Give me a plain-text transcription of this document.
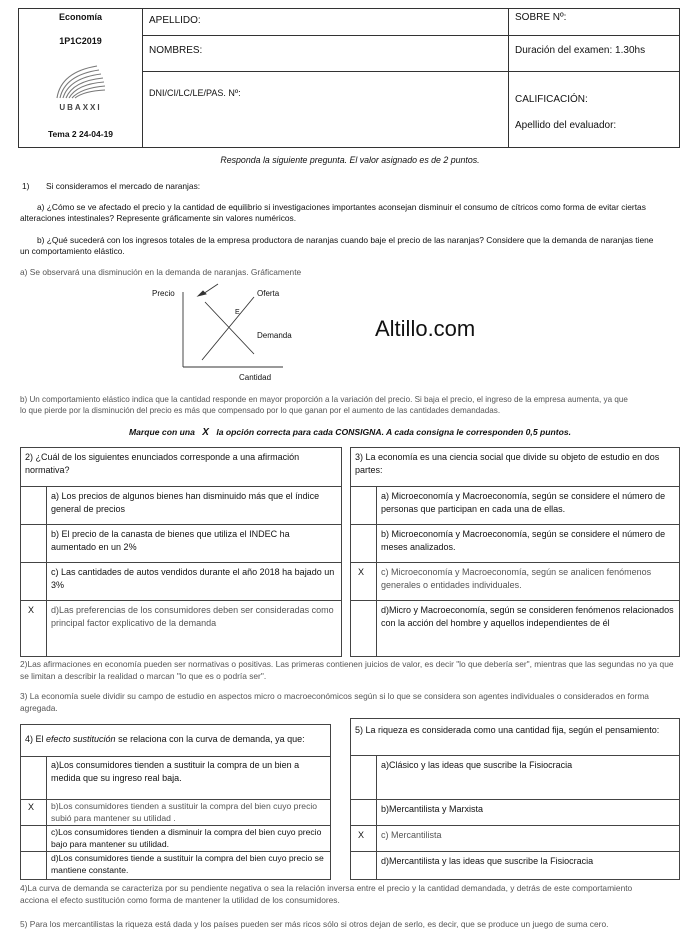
Economía
1P1C2019
UBAXXI
Tema 2 24-04-19
APELLIDO:
NOMBRES:
DNI/CI/LC/LE/PAS. Nº:
SOBRE Nº:
Duración del examen: 1.30hs
CALIFICACIÓN:
Apellido del evaluador:
Responda la siguiente pregunta. El valor asignado es de 2 puntos.
1) Si consideramos el mercado de naranjas:
a) ¿Cómo se ve afectado el precio y la cantidad de equilibrio si investigaciones importantes aconsejan disminuir el consumo de cítricos como forma de evitar ciertas
alteraciones intestinales? Represente gráficamente sin valores numéricos.
b) ¿Qué sucederá con los ingresos totales de la empresa productora de naranjas cuando baje el precio de las naranjas? Considere que la demanda de naranjas tiene
un comportamiento elástico.
a) Se observará una disminución en la demanda de naranjas. Gráficamente
Precio	Oferta
E
Demanda
Cantidad
Altillo.com
b) Un comportamiento elástico indica que la cantidad responde en mayor proporción a la variación del precio. Si baja el precio, el ingreso de la empresa aumenta, ya que
lo que pierde por la disminución del precio es más que compensado por lo que ganan por el aumento de las cantidades demandadas.
Marque con una X la opción correcta para cada CONSIGNA. A cada consigna le corresponden 0,5 puntos.
2) ¿Cuál de los siguientes enunciados corresponde a una afirmación normativa?
a) Los precios de algunos bienes han disminuido más que el índice general de precios
b) El precio de la canasta de bienes que utiliza el INDEC ha aumentado en un 2%
c) Las cantidades de autos vendidos durante el año 2018 ha bajado un 3%
X d)Las preferencias de los consumidores deben ser consideradas como principal factor explicativo de la demanda
3) La economía es una ciencia social que divide su objeto de estudio en dos partes:
a) Microeconomía y Macroeconomía, según se considere el número de personas que participan en cada una de ellas.
b) Microeconomía y Macroeconomía, según se considere el número de meses analizados.
X c) Microeconomía y Macroeconomía, según se analicen fenómenos generales o entidades individuales.
d)Micro y Macroeconomía, según se consideren fenómenos relacionados con la acción del hombre y aquellos independientes de él
2)Las afirmaciones en economía pueden ser normativas o positivas. Las primeras contienen juicios de valor, es decir "lo que debería ser", mientras que las segundas no ya que se limitan a describir la realidad o marcan "lo que es o podría ser".
3) La economía suele dividir su campo de estudio en aspectos micro o macroeconómicos según si lo que se considera son agentes individuales o considerados en forma agregada.
4) El efecto sustitución se relaciona con la curva de demanda, ya que:
a)Los consumidores tienden a sustituir la compra de un bien a medida que su ingreso real baja.
X b)Los consumidores tienden a sustituir la compra del bien cuyo precio subió para mantener su utilidad .
c)Los consumidores tienden a disminuir la compra del bien cuyo precio bajo para mantener su utilidad.
d)Los consumidores tiende a sustituir la compra del bien cuyo precio se mantiene constante.
5) La riqueza es considerada como una cantidad fija, según el pensamiento:
a)Clásico y las ideas que suscribe la Fisiocracia
b)Mercantilista y Marxista
X c) Mercantilista
d)Mercantilista y las ideas que suscribe la Fisiocracia
4)La curva de demanda se caracteriza por su pendiente negativa o sea la relación inversa entre el precio y la cantidad demandada, y detrás de este comportamiento acciona el efecto sustitución como forma de mantener la utilidad de los consumidores.
5) Para los mercantilistas la riqueza está dada y los países pueden ser más ricos sólo si otros dejan de serlo, es decir, que se produce un juego de suma cero.
